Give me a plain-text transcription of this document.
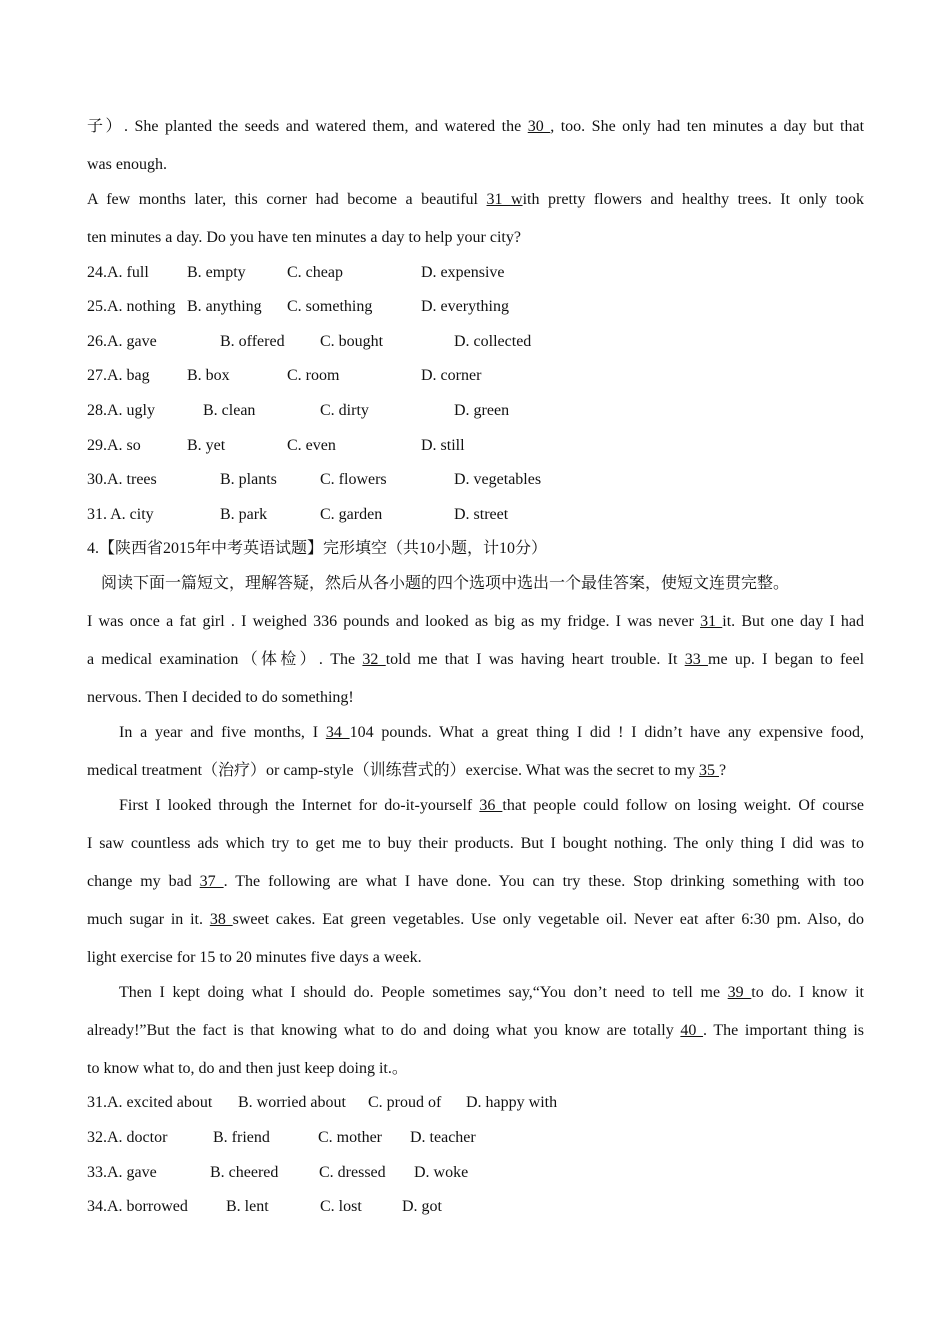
子）. She planted the seeds and watered them, and watered the 30 , too. She only had ten minutes a day but that
was enough.
A few months later, this corner had become a beautiful 31 with pretty flowers and healthy trees. It only took
ten minutes a day. Do you have ten minutes a day to help your city?
24.A. full B. empty	C. cheap	D. expensive
25.A. nothing B. anything C. something	D. everything
26.A. gave	B. offered C. bought	D. collected
27.A. bag B. box	C. room	D. corner
28.A. ugly	B. clean	C. dirty	D. green
29.A. so	B. yet	C. even	D. still
30.A. trees	B. plants	C. flowers	D. vegetables
31. A. city	B. park	C. garden	D. street
4.【陕西省2015年中考英语试题】完形填空（共10小题，计10分）
阅读下面一篇短文，理解答疑，然后从各小题的四个选项中选出一个最佳答案，使短文连贯完整。
I was once a fat girl . I weighed 336 pounds and looked as big as my fridge. I was never 31 it. But one day I had
a medical examination（体检）. The 32 told me that I was having heart trouble. It 33 me up. I began to feel
nervous. Then I decided to do something!
In a year and five months, I 34 104 pounds. What a great thing I did ! I didn’t have any expensive food,
medical treatment（治疗）or camp-style（训练营式的）exercise. What was the secret to my 35 ?
First I looked through the Internet for do-it-yourself 36 that people could follow on losing weight. Of course
I saw countless ads which try to get me to buy their products. But I bought nothing. The only thing I did was to
change my bad 37 . The following are what I have done. You can try these. Stop drinking something with too
much sugar in it. 38 sweet cakes. Eat green vegetables. Use only vegetable oil. Never eat after 6:30 pm. Also, do
light exercise for 15 to 20 minutes five days a week.
Then I kept doing what I should do. People sometimes say,“You don’t need to tell me 39 to do. I know it
already!”But the fact is that knowing what to do and doing what you know are totally 40 . The important thing is
to know what to, do and then just keep doing it.。
31.A. excited about B. worried about C. proud of D. happy with
32.A. doctor	B. friend	C. mother D. teacher
33.A. gave	B. cheered	C. dressed D. woke
34.A. borrowed B. lent	C. lost	D. got
